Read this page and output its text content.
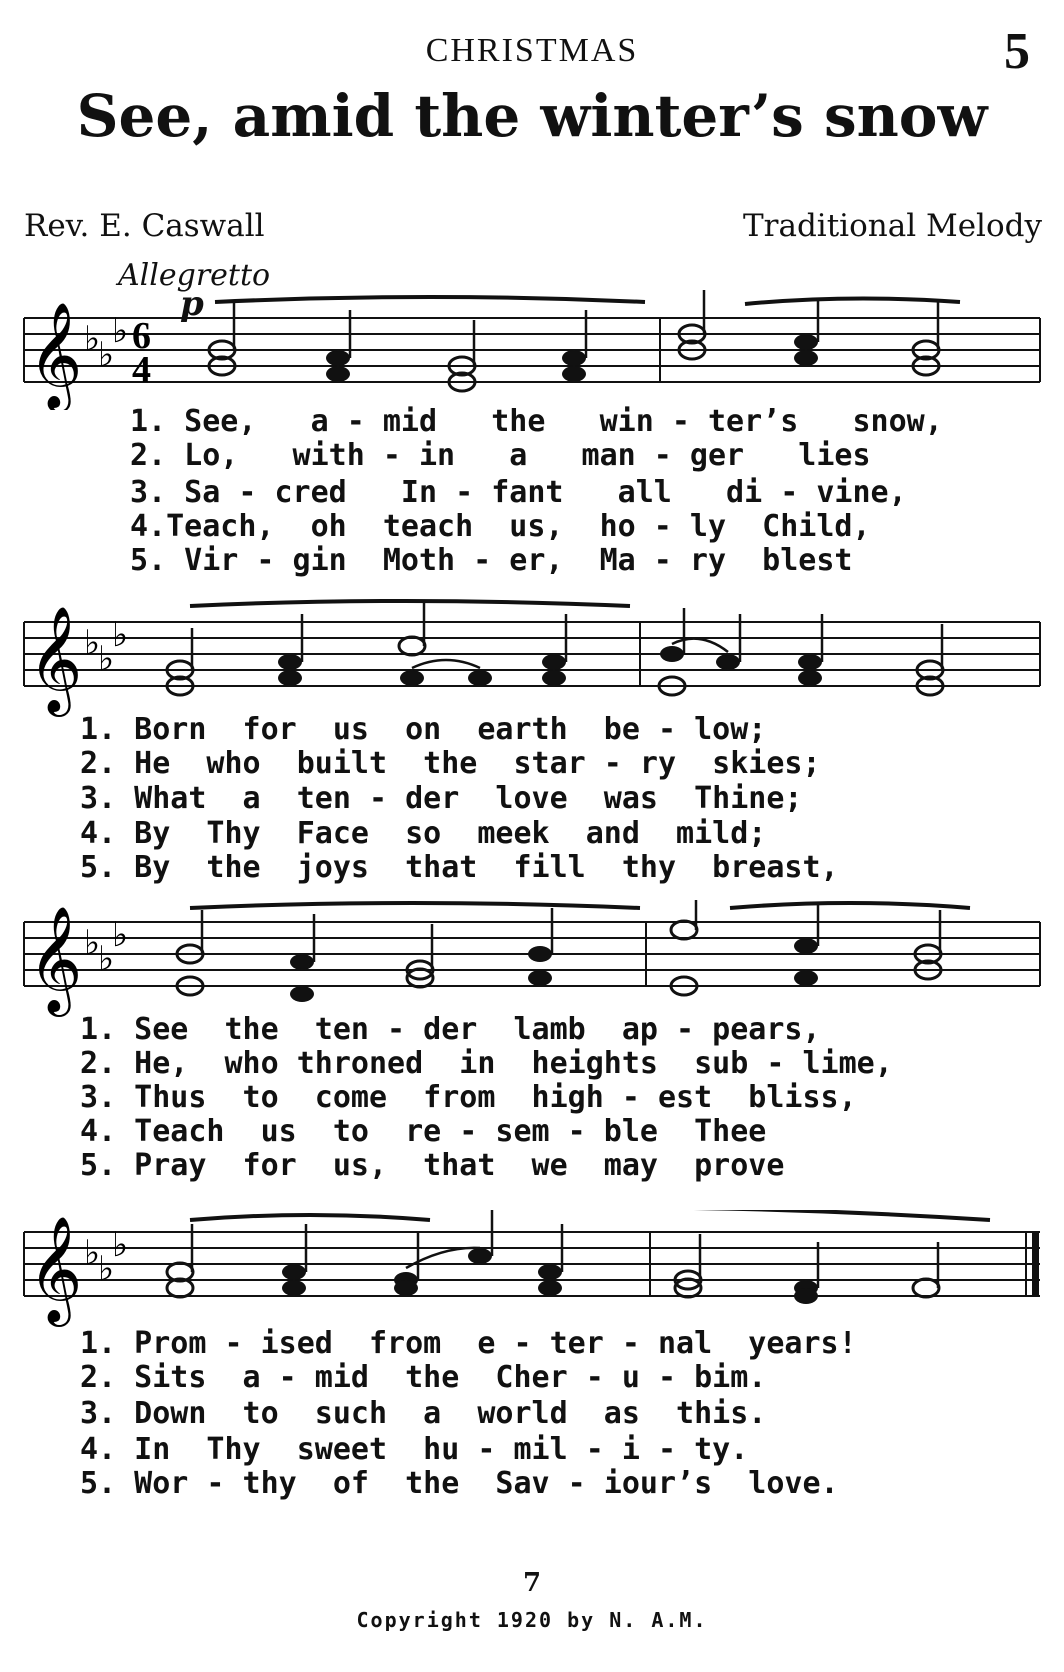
CHRISTMAS	5
See, amid the winter’s snow
Rev. E. Caswall	Traditional Melody
Allegretto
p
𝄞 ♭
♭
♭ 6
4
1. See,   a - mid   the   win - ter’s   snow,
2. Lo,   with - in   a   man - ger   lies
3. Sa - cred   In - fant   all   di - vine,
4.Teach,  oh  teach  us,  ho - ly  Child,
5. Vir - gin  Moth - er,  Ma - ry  blest
𝄞 ♭
♭
♭
1. Born  for  us  on  earth  be - low;
2. He  who  built  the  star - ry  skies;
3. What  a  ten - der  love  was  Thine;
4. By  Thy  Face  so  meek  and  mild;
5. By  the  joys  that  fill  thy  breast,
𝄞 ♭
♭
♭
1. See  the  ten - der  lamb  ap - pears,
2. He,  who throned  in  heights  sub - lime,
3. Thus  to  come  from  high - est  bliss,
4. Teach  us  to  re - sem - ble  Thee
5. Pray  for  us,  that  we  may  prove
𝄞 ♭
♭
♭
1. Prom - ised  from  e - ter - nal  years!
2. Sits  a - mid  the  Cher - u - bim.
3. Down  to  such  a  world  as  this.
4. In  Thy  sweet  hu - mil - i - ty.
5. Wor - thy  of  the  Sav - iour’s  love.
7
Copyright 1920 by N. A.M.
